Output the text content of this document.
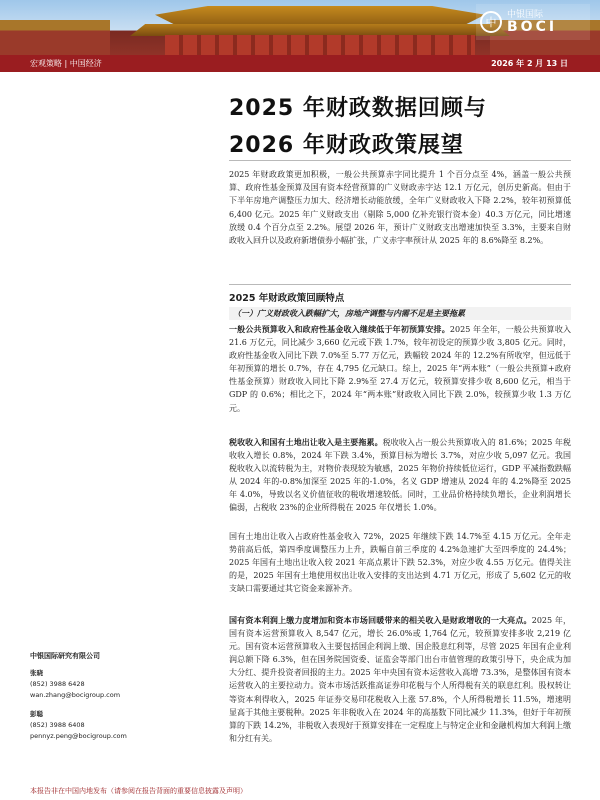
中
中银国际
BOCI
宏观策略 | 中国经济	2026 年 2 月 13 日
2025 年财政数据回顾与
2026 年财政政策展望
2025 年财政政策更加积极，一般公共预算赤字同比提升 1 个百分点至 4%，涵盖一般公共预算、政府性基金预算及国有资本经营预算的广义财政赤字达 12.1 万亿元，创历史新高。但由于下半年房地产调整压力加大、经济增长动能放缓，全年广义财政收入下降 2.2%，较年初预算低 6,400 亿元。2025 年广义财政支出（剔除 5,000 亿补充银行资本金）40.3 万亿元，同比增速放缓 0.4 个百分点至 2.2%。展望 2026 年，预计广义财政支出增速加快至 3.3%，主要来自财政收入回升以及政府新增债券小幅扩张，广义赤字率预计从 2025 年的 8.6%降至 8.2%。
2025 年财政政策回顾特点
（一）广义财政收入跌幅扩大，房地产调整与内需不足是主要拖累

一般公共预算收入和政府性基金收入继续低于年初预算安排。2025 年全年，一般公共预算收入 21.6 万亿元，同比减少 3,660 亿元或下跌 1.7%，较年初设定的预算少收 3,805 亿元。同时，政府性基金收入同比下跌 7.0%至 5.77 万亿元，跌幅较 2024 年的 12.2%有所收窄，但远低于年初预算的增长 0.7%，存在 4,795 亿元缺口。综上，2025 年“两本账”（一般公共预算+政府性基金预算）财政收入同比下降 2.9%至 27.4 万亿元，较预算安排少收 8,600 亿元，相当于 GDP 的 0.6%；相比之下，2024 年“两本账”财政收入同比下跌 2.0%，较预算少收 1.3 万亿元。

税收收入和国有土地出让收入是主要拖累。税收收入占一般公共预算收入的 81.6%；2025 年税收收入增长 0.8%，2024 年下跌 3.4%，预算目标为增长 3.7%，对应少收 5,097 亿元。我国税收收入以流转税为主，对物价表现较为敏感，2025 年物价持续低位运行，GDP 平减指数跌幅从 2024 年的-0.8%加深至 2025 年的-1.0%，名义 GDP 增速从 2024 年的 4.2%降至 2025 年 4.0%，导致以名义价值征收的税收增速较低。同时，工业品价格持续负增长，企业利润增长偏弱，占税收 23%的企业所得税在 2025 年仅增长 1.0%。

国有土地出让收入占政府性基金收入 72%，2025 年继续下跌 14.7%至 4.15 万亿元。全年走势前高后低，第四季度调整压力上升，跌幅自前三季度的 4.2%急速扩大至四季度的 24.4%；2025 年国有土地出让收入较 2021 年高点累计下跌 52.3%，对应少收 4.55 万亿元。值得关注的是，2025 年国有土地使用权出让收入安排的支出达到 4.71 万亿元，形成了 5,602 亿元的收支缺口需要通过其它资金来源补齐。

国有资本利润上缴力度增加和资本市场回暖带来的相关收入是财政增收的一大亮点。2025 年，国有资本运营预算收入 8,547 亿元，增长 26.0%或 1,764 亿元，较预算安排多收 2,219 亿元。国有资本运营预算收入主要包括国企利润上缴、国企股息红利等，尽管 2025 年国有企业利润总额下降 6.3%，但在国务院国资委、证监会等部门出台市值管理的政策引导下，央企成为加大分红、提升投资者回报的主力。2025 年中央国有资本运营收入高增 73.3%，是整体国有资本运营收入的主要拉动力。资本市场活跃推高证券印花税与个人所得税有关的联息红利。股权转让等资本利得收入，2025 年证券交易印花税收入上涨 57.8%，个人所得税增长 11.5%，增速明显高于其他主要税种。2025 年非税收入在 2024 年的高基数下同比减少 11.3%，但好于年初预算的下跌 14.2%，非税收入表现好于预算安排在一定程度上与特定企业和金融机构加大利润上缴和分红有关。

中银国际研究有限公司
张晓
(852) 3988 6428
wan.zhang@bocigroup.com
彭聪
(852) 3988 6408
pennyz.peng@bocigroup.com
本报告非在中国内地发布（请参阅在报告背面的重要信息披露及声明）
